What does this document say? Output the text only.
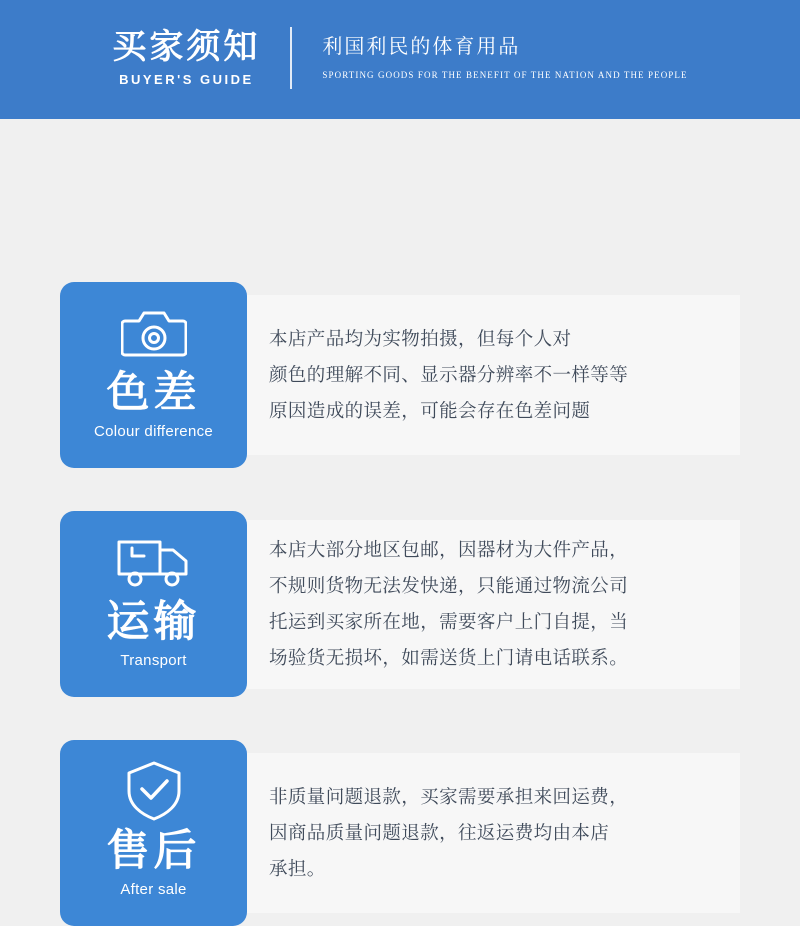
买家须知
BUYER'S GUIDE
利国利民的体育用品
SPORTING GOODS FOR THE BENEFIT OF THE NATION AND THE PEOPLE
色差
Colour difference

本店产品均为实物拍摄，但每个人对

颜色的理解不同、显示器分辨率不一样等等

原因造成的误差，可能会存在色差问题

运输
Transport

本店大部分地区包邮，因器材为大件产品，

不规则货物无法发快递，只能通过物流公司

托运到买家所在地，需要客户上门自提，当

场验货无损坏，如需送货上门请电话联系。

售后
After sale

非质量问题退款，买家需要承担来回运费，

因商品质量问题退款，往返运费均由本店

承担。
